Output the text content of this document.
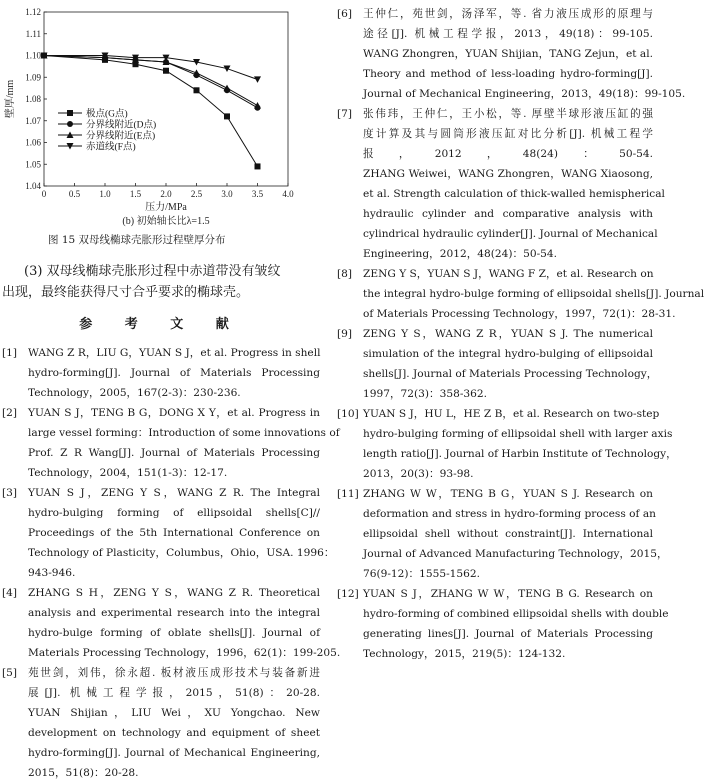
0	0.5 1.0 1.5 2.0 2.5 3.0 3.5 4.0
1.04
1.05
1.06
1.07
1.08
1.09
1.10
1.11
1.12
压力/MPa
壁厚/mm
(b) 初始轴长比λ=1.5
极点(G点)
分界线附近(D点)
分界线附近(E点)
赤道线(F点)
图 15 双母线椭球壳胀形过程壁厚分布
(3) 双母线椭球壳胀形过程中赤道带没有皱纹
出现，最终能获得尺寸合乎要求的椭球壳。
参 考 文 献
[1] WANG Z R，LIU G，YUAN S J，et al. Progress in shell
hydro-forming[J]. Journal of Materials Processing
Technology，2005，167(2-3)：230-236.
[2] YUAN S J，TENG B G，DONG X Y，et al. Progress in
large vessel forming：Introduction of some innovations of
Prof. Z R Wang[J]. Journal of Materials Processing
Technology，2004，151(1-3)：12-17.
[3] YUAN S J，ZENG Y S，WANG Z R. The Integral
hydro-bulging forming of ellipsoidal shells[C]//
Proceedings of the 5th International Conference on
Technology of Plasticity，Columbus，Ohio，USA. 1996：
943-946.
[4] ZHANG S H，ZENG Y S，WANG Z R. Theoretical
analysis and experimental research into the integral
hydro-bulge forming of oblate shells[J]. Journal of
Materials Processing Technology，1996，62(1)：199-205.
[5] 苑世剑，刘伟，徐永超. 板材液压成形技术与装备新进
展[J]. 机械工程学报，2015，51(8)：20-28.
YUAN Shijian，LIU Wei，XU Yongchao. New
development on technology and equipment of sheet
hydro-forming[J]. Journal of Mechanical Engineering,
2015，51(8)：20-28.
[6] 王仲仁，苑世剑，汤泽军，等. 省力液压成形的原理与
途径[J]. 机械工程学报，2013，49(18)：99-105.
WANG Zhongren，YUAN Shijian，TANG Zejun，et al.
Theory and method of less-loading hydro-forming[J].
Journal of Mechanical Engineering，2013，49(18)：99-105.
[7] 张伟玮，王仲仁，王小松，等. 厚壁半球形液压缸的强
度计算及其与圆筒形液压缸对比分析[J]. 机械工程学
报，2012，48(24)：50-54.
ZHANG Weiwei，WANG Zhongren，WANG Xiaosong,
et al. Strength calculation of thick-walled hemispherical
hydraulic cylinder and comparative analysis with
cylindrical hydraulic cylinder[J]. Journal of Mechanical
Engineering，2012，48(24)：50-54.
[8] ZENG Y S，YUAN S J，WANG F Z，et al. Research on
the integral hydro-bulge forming of ellipsoidal shells[J]. Journal
of Materials Processing Technology，1997，72(1)：28-31.
[9] ZENG Y S，WANG Z R，YUAN S J. The numerical
simulation of the integral hydro-bulging of ellipsoidal
shells[J]. Journal of Materials Processing Technology，
1997，72(3)：358-362.
[10] YUAN S J，HU L，HE Z B，et al. Research on two-step
hydro-bulging forming of ellipsoidal shell with larger axis
length ratio[J]. Journal of Harbin Institute of Technology，
2013，20(3)：93-98.
[11] ZHANG W W，TENG B G，YUAN S J. Research on
deformation and stress in hydro-forming process of an
ellipsoidal shell without constraint[J]. International
Journal of Advanced Manufacturing Technology，2015，
76(9-12)：1555-1562.
[12] YUAN S J，ZHANG W W，TENG B G. Research on
hydro-forming of combined ellipsoidal shells with double
generating lines[J]. Journal of Materials Processing
Technology，2015，219(5)：124-132.
